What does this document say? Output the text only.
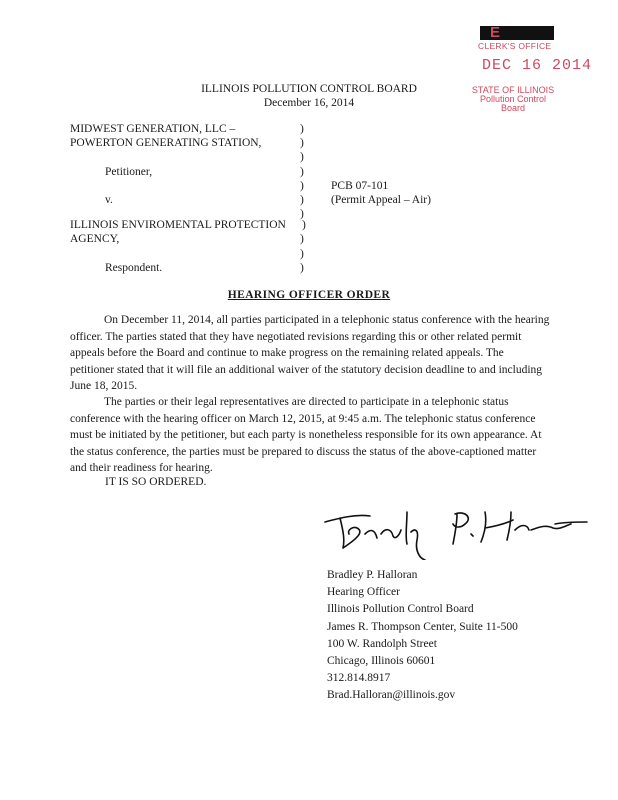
E
CLERK'S OFFICE
DEC 16 2014
STATE OF ILLINOIS
Pollution Control Board
ILLINOIS POLLUTION CONTROL BOARD
December 16, 2014
MIDWEST GENERATION, LLC –
POWERTON GENERATING STATION,
Petitioner,
v.
ILLINOIS ENVIROMENTAL PROTECTION
AGENCY,
Respondent.
)
)
)
)
)
)
)
)
)
)
)
PCB 07-101
(Permit Appeal – Air)
HEARING OFFICER ORDER
On December 11, 2014, all parties participated in a telephonic status conference with the hearing officer. The parties stated that they have negotiated revisions regarding this or other related permit appeals before the Board and continue to make progress on the remaining related appeals. The petitioner stated that it will file an additional waiver of the statutory decision deadline to and including June 18, 2015.
The parties or their legal representatives are directed to participate in a telephonic status conference with the hearing officer on March 12, 2015, at 9:45 a.m. The telephonic status conference must be initiated by the petitioner, but each party is nonetheless responsible for its own appearance. At the status conference, the parties must be prepared to discuss the status of the above-captioned matter and their readiness for hearing.
IT IS SO ORDERED.
Bradley P. Halloran
Bradley P. Halloran
Hearing Officer
Illinois Pollution Control Board
James R. Thompson Center, Suite 11-500
100 W. Randolph Street
Chicago, Illinois 60601
312.814.8917
Brad.Halloran@illinois.gov
